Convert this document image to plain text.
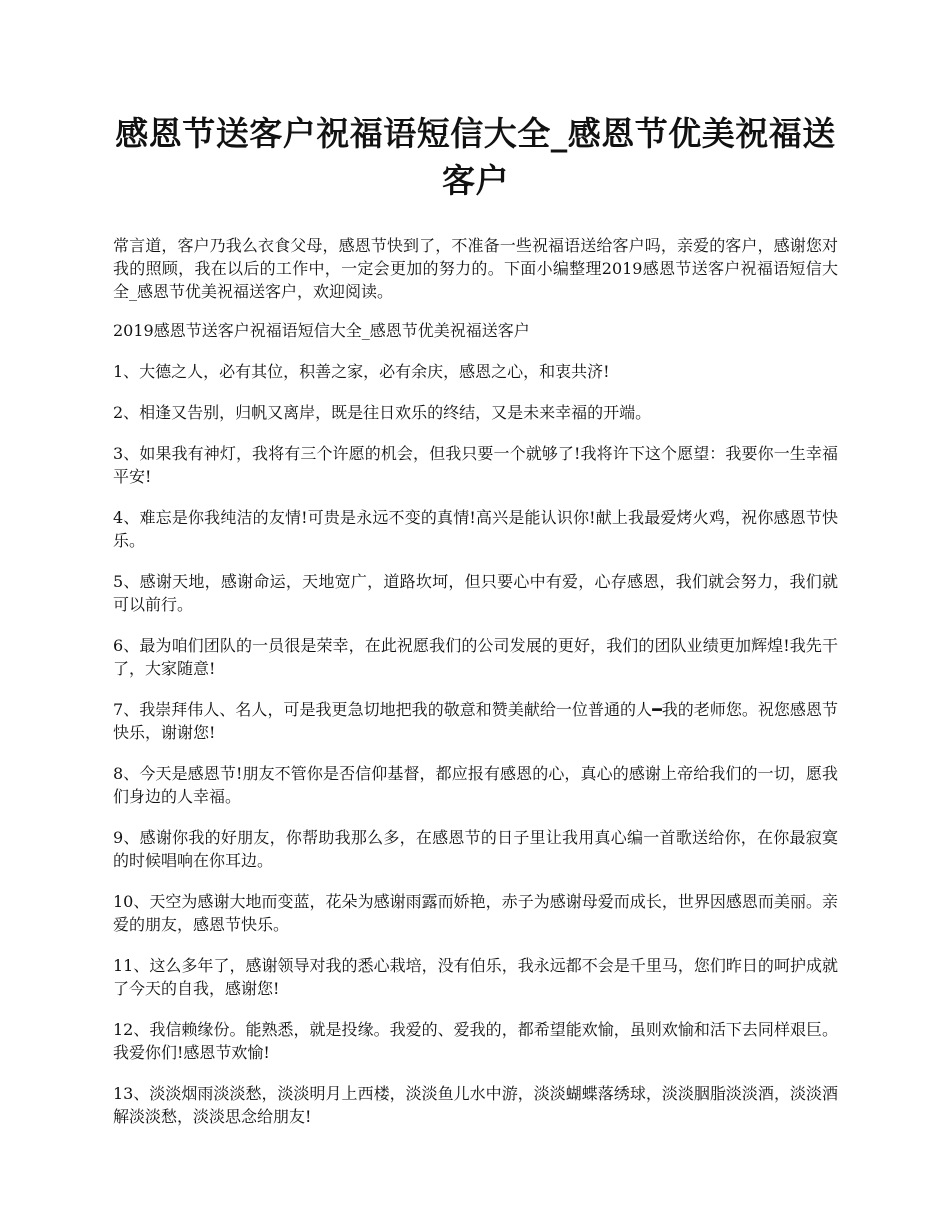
感恩节送客户祝福语短信大全_感恩节优美祝福送客户

常言道，客户乃我么衣食父母，感恩节快到了，不准备一些祝福语送给客户吗，亲爱的客户，感谢您对我的照顾，我在以后的工作中，一定会更加的努力的。下面小编整理2019感恩节送客户祝福语短信大全_感恩节优美祝福送客户，欢迎阅读。

2019感恩节送客户祝福语短信大全_感恩节优美祝福送客户

1、大德之人，必有其位，积善之家，必有余庆，感恩之心，和衷共济!

2、相逢又告别，归帆又离岸，既是往日欢乐的终结，又是未来幸福的开端。

3、如果我有神灯，我将有三个许愿的机会，但我只要一个就够了!我将许下这个愿望：我要你一生幸福平安!

4、难忘是你我纯洁的友情!可贵是永远不变的真情!高兴是能认识你!献上我最爱烤火鸡，祝你感恩节快乐。

5、感谢天地，感谢命运，天地宽广，道路坎坷，但只要心中有爱，心存感恩，我们就会努力，我们就可以前行。

6、最为咱们团队的一员很是荣幸，在此祝愿我们的公司发展的更好，我们的团队业绩更加辉煌!我先干了，大家随意!

7、我崇拜伟人、名人，可是我更急切地把我的敬意和赞美献给一位普通的人━我的老师您。祝您感恩节快乐，谢谢您!

8、今天是感恩节!朋友不管你是否信仰基督，都应报有感恩的心，真心的感谢上帝给我们的一切，愿我们身边的人幸福。

9、感谢你我的好朋友，你帮助我那么多，在感恩节的日子里让我用真心编一首歌送给你，在你最寂寞的时候唱响在你耳边。

10、天空为感谢大地而变蓝，花朵为感谢雨露而娇艳，赤子为感谢母爱而成长，世界因感恩而美丽。亲爱的朋友，感恩节快乐。

11、这么多年了，感谢领导对我的悉心栽培，没有伯乐，我永远都不会是千里马，您们昨日的呵护成就了今天的自我，感谢您!

12、我信赖缘份。能熟悉，就是投缘。我爱的、爱我的，都希望能欢愉，虽则欢愉和活下去同样艰巨。我爱你们!感恩节欢愉!

13、淡淡烟雨淡淡愁，淡淡明月上西楼，淡淡鱼儿水中游，淡淡蝴蝶落绣球，淡淡胭脂淡淡酒，淡淡酒解淡淡愁，淡淡思念给朋友!
